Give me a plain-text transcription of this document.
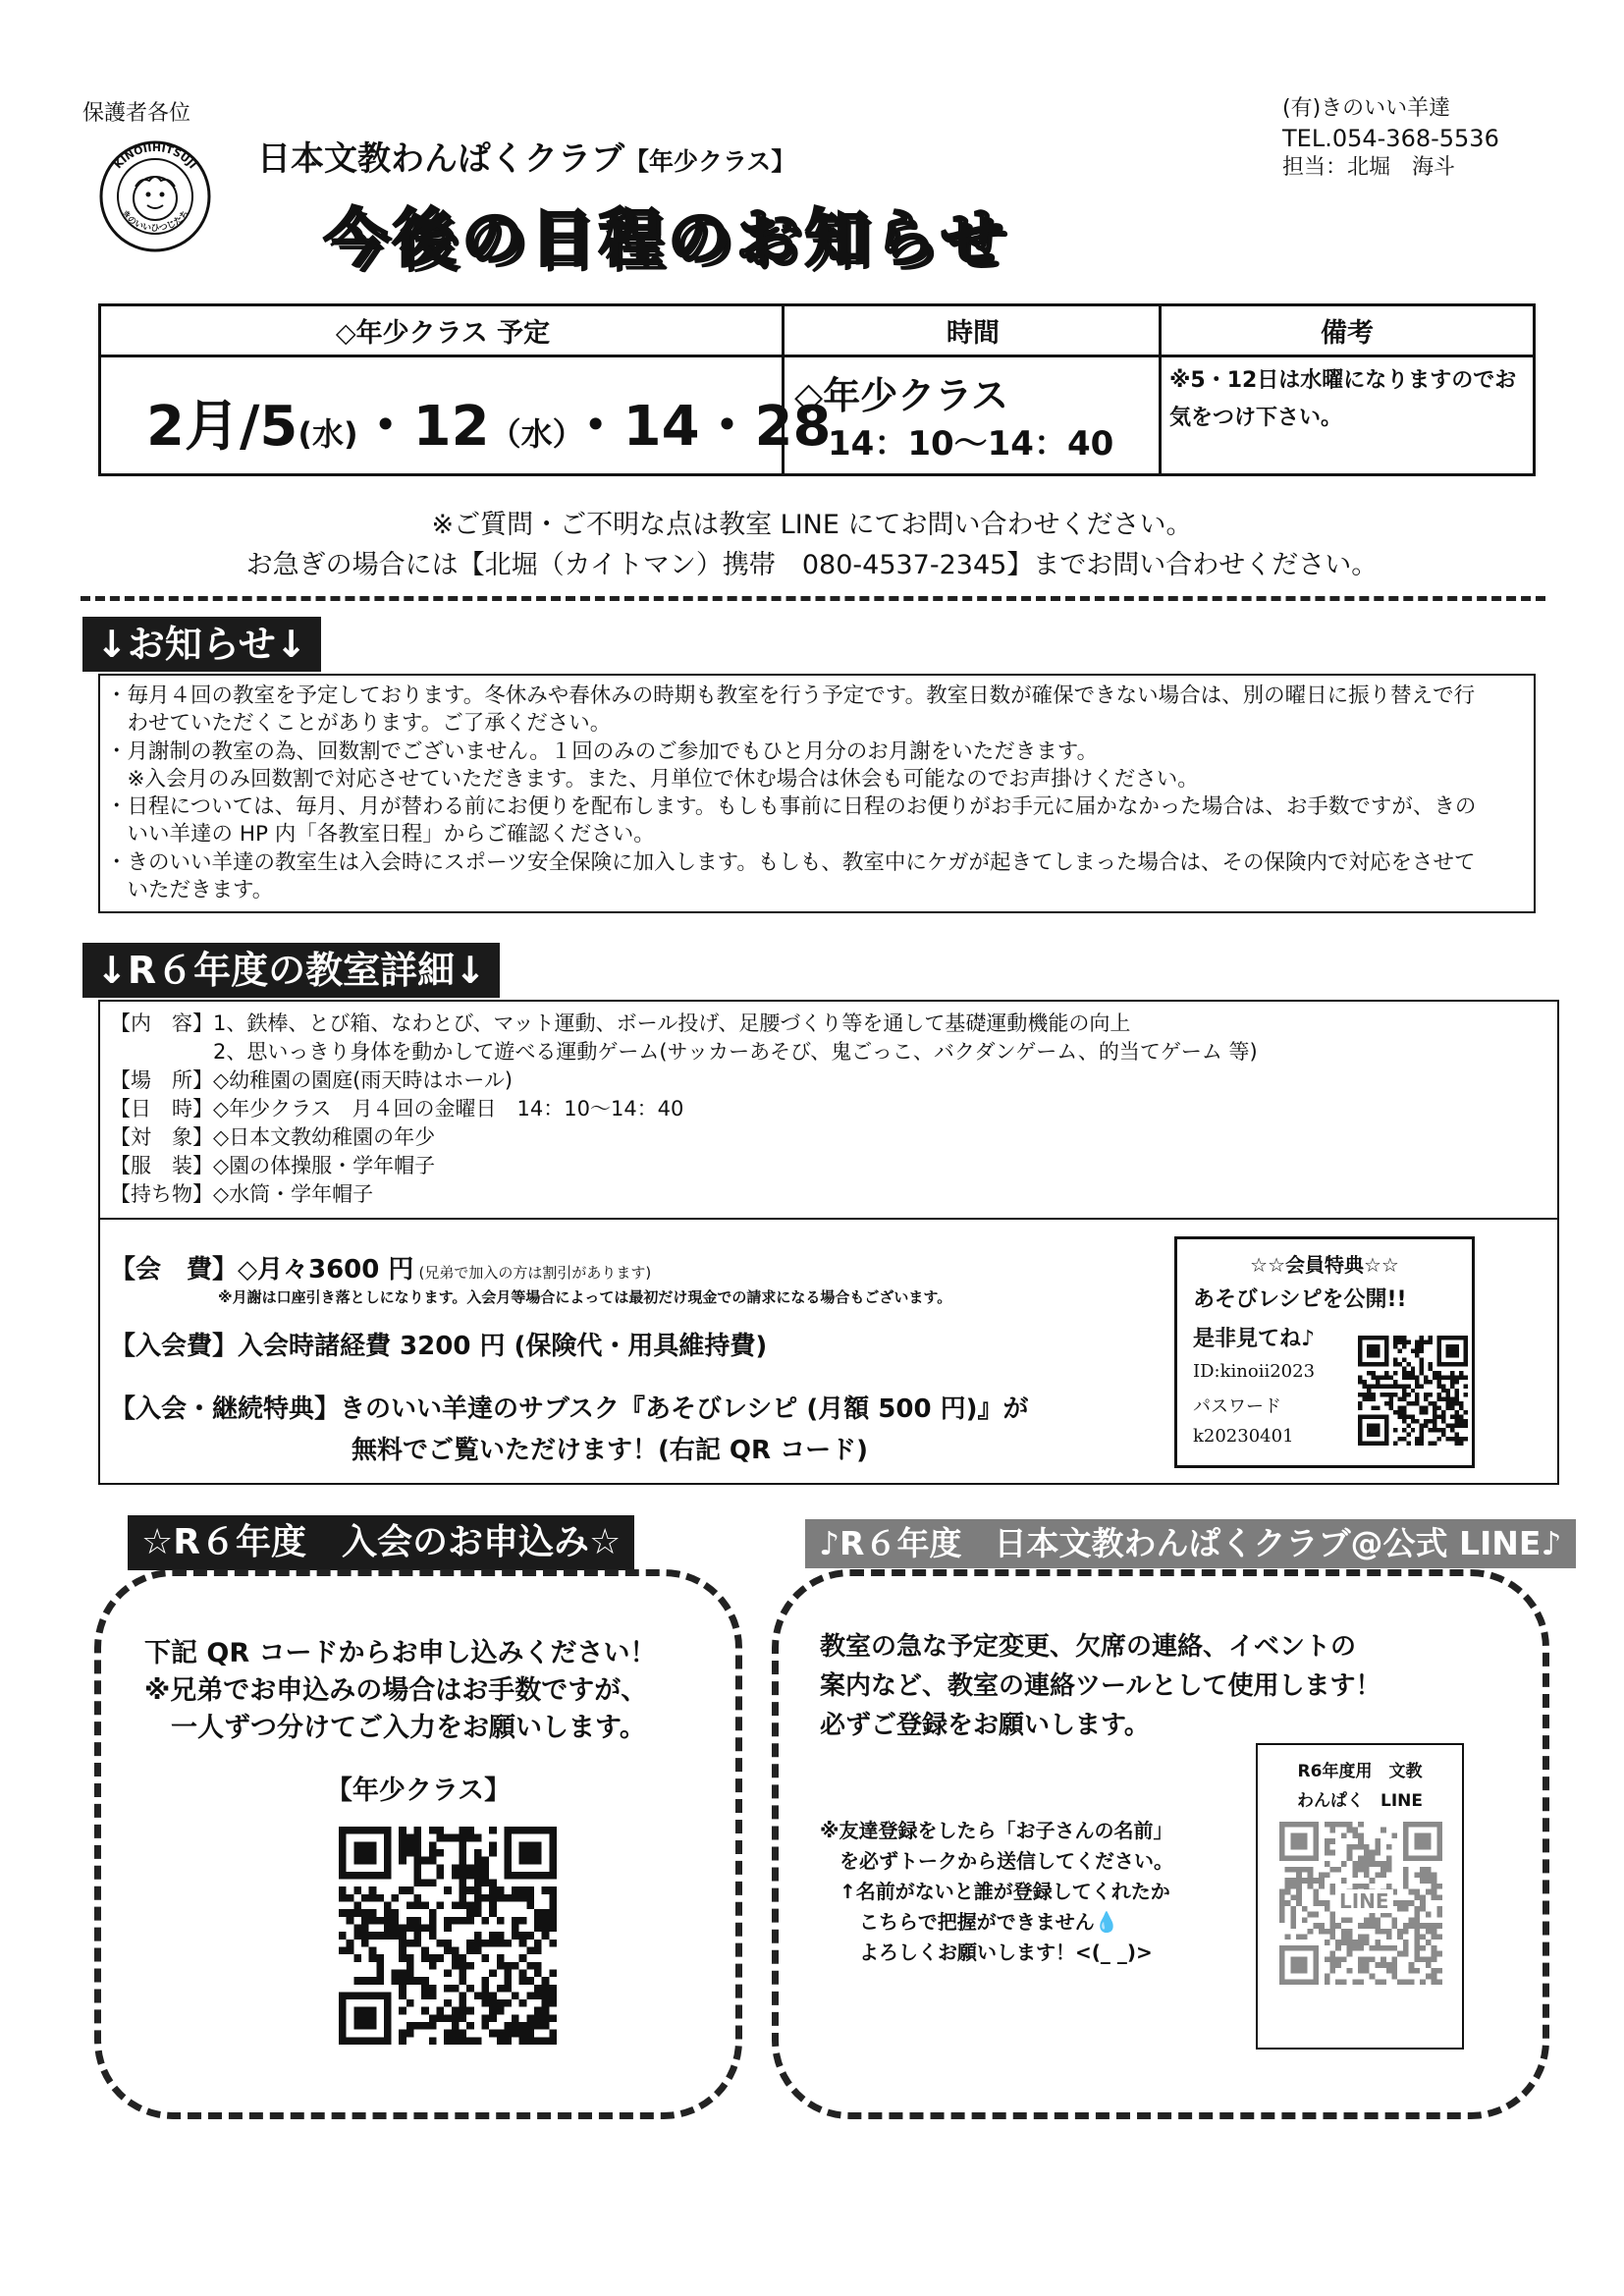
保護者各位
KINOIIHITSUJI
きのいいひつじたち
日本文教わんぱくクラブ【年少クラス】
今後の日程のお知らせ
(有)きのいい羊達
TEL.054-368-5536
担当：北堀　海斗
◇年少クラス 予定	時間	備考
2月/5(水)・12（水）・14・28
◇年少クラス
14：10〜14：40
※5・12日は水曜になりますのでお気をつけ下さい。
※ご質問・ご不明な点は教室 LINE にてお問い合わせください。
お急ぎの場合には【北堀（カイトマン）携帯　080-4537-2345】までお問い合わせください。
↓お知らせ↓

・毎月４回の教室を予定しております。冬休みや春休みの時期も教室を行う予定です。教室日数が確保できない場合は、別の曜日に振り替えで行

　わせていただくことがあります。ご了承ください。

・月謝制の教室の為、回数割でございません。１回のみのご参加でもひと月分のお月謝をいただきます。

　※入会月のみ回数割で対応させていただきます。また、月単位で休む場合は休会も可能なのでお声掛けください。

・日程については、毎月、月が替わる前にお便りを配布します。もしも事前に日程のお便りがお手元に届かなかった場合は、お手数ですが、きの

　いい羊達の HP 内「各教室日程」からご確認ください。

・きのいい羊達の教室生は入会時にスポーツ安全保険に加入します。もしも、教室中にケガが起きてしまった場合は、その保険内で対応をさせて

　いただきます。

↓R６年度の教室詳細↓
【内　容】1、鉄棒、とび箱、なわとび、マット運動、ボール投げ、足腰づくり等を通して基礎運動機能の向上
　　　　　2、思いっきり身体を動かして遊べる運動ゲーム(サッカーあそび、鬼ごっこ、バクダンゲーム、的当てゲーム 等)
【場　所】◇幼稚園の園庭(雨天時はホール)
【日　時】◇年少クラス　月４回の金曜日　14：10〜14：40
【対　象】◇日本文教幼稚園の年少
【服　装】◇園の体操服・学年帽子
【持ち物】◇水筒・学年帽子
【会　費】◇月々3600 円 (兄弟で加入の方は割引があります)
※月謝は口座引き落としになります。入会月等場合によっては最初だけ現金での請求になる場合もございます。
【入会費】入会時諸経費 3200 円 (保険代・用具維持費)
【入会・継続特典】きのいい羊達のサブスク『あそびレシピ (月額 500 円)』が
無料でご覧いただけます！(右記 QR コード)
☆☆会員特典☆☆
あそびレシピを公開!!
是非見てね♪
ID:kinoii2023
パスワード
k20230401
☆R６年度　入会のお申込み☆
下記 QR コードからお申し込みください！
※兄弟でお申込みの場合はお手数ですが、
　一人ずつ分けてご入力をお願いします。
【年少クラス】
♪R６年度　日本文教わんぱくクラブ@公式 LINE♪
教室の急な予定変更、欠席の連絡、イベントの
案内など、教室の連絡ツールとして使用します！
必ずご登録をお願いします。
※友達登録をしたら「お子さんの名前」
　を必ずトークから送信してください。
　↑名前がないと誰が登録してくれたか
　　こちらで把握ができません💧
　　よろしくお願いします！<(_ _)>
R6年度用　文教
わんぱく　LINE
LINE
